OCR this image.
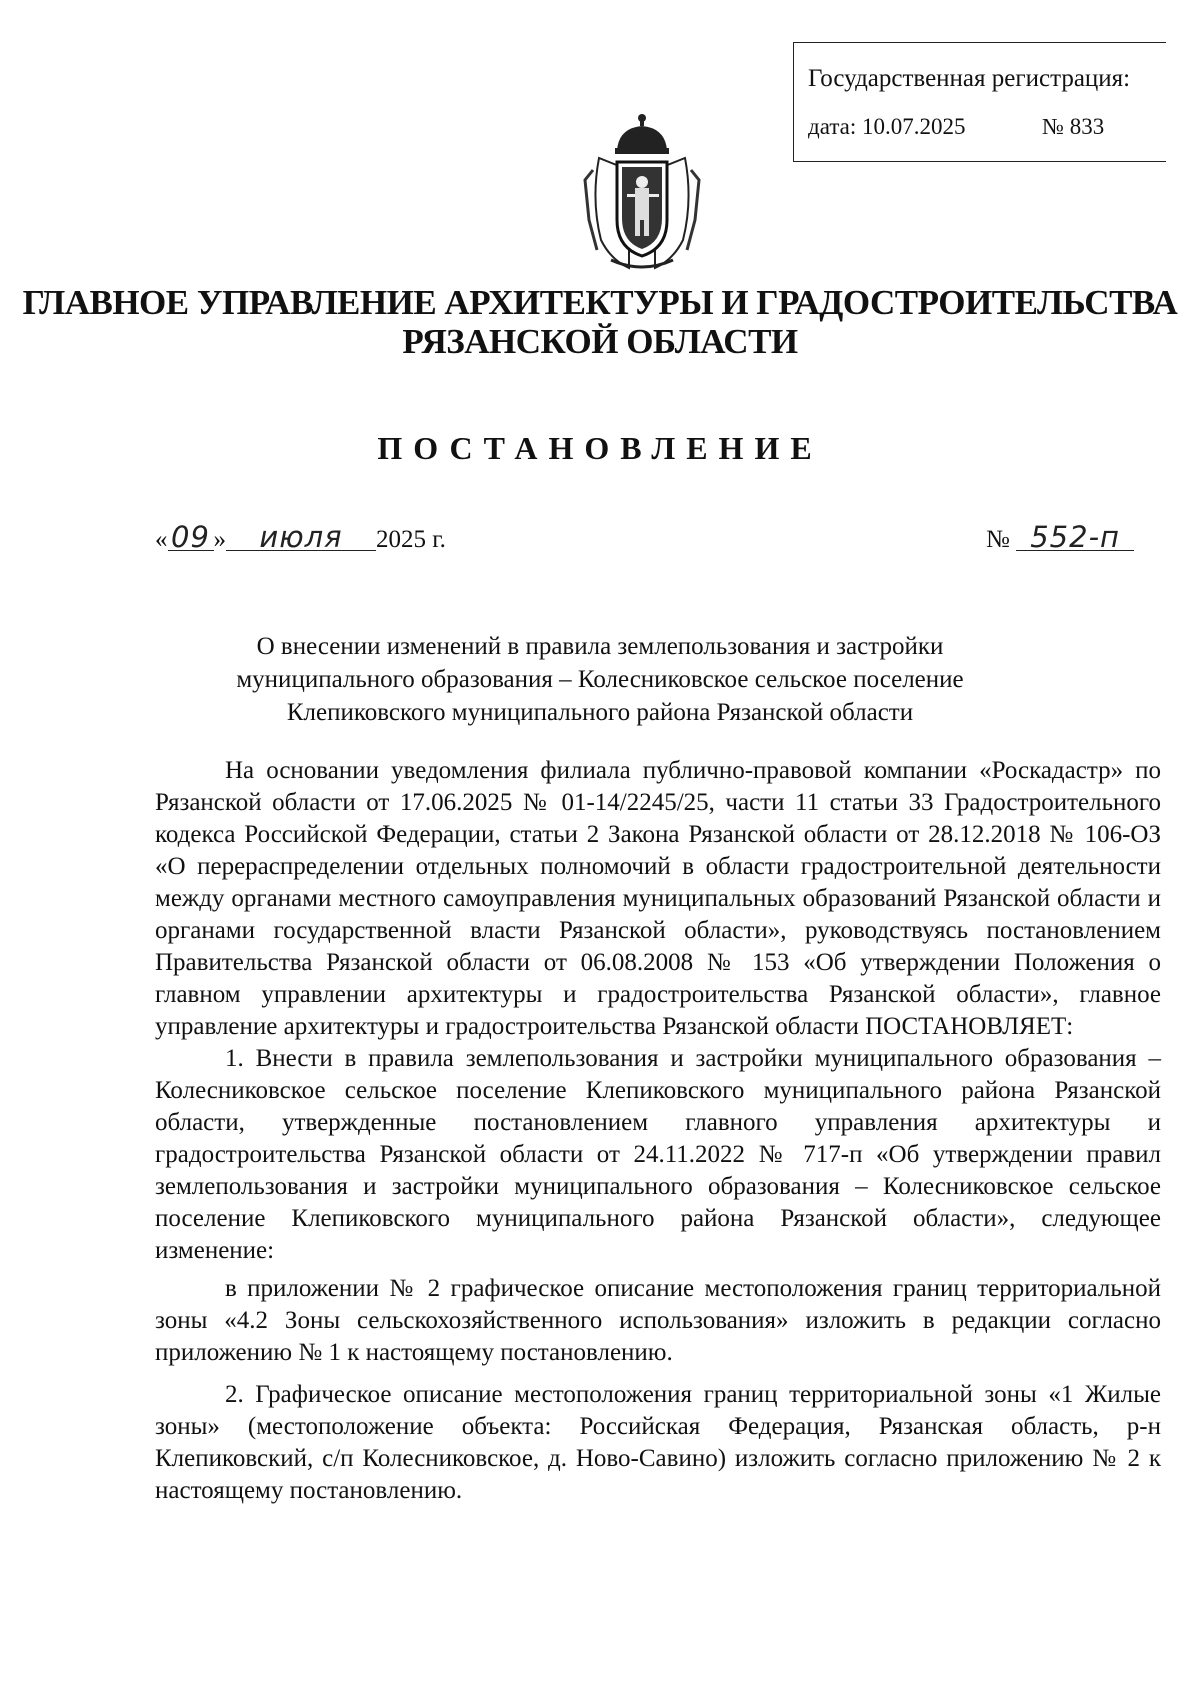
Государственная регистрация:
дата: 10.07.2025	№ 833
ГЛАВНОЕ УПРАВЛЕНИЕ АРХИТЕКТУРЫ И ГРАДОСТРОИТЕЛЬСТВА
РЯЗАНСКОЙ ОБЛАСТИ
ПОСТАНОВЛЕНИЕ
« 09 » июля 2025 г.	№ 552-п
О внесении изменений в правила землепользования и застройки
муниципального образования – Колесниковское сельское поселение
Клепиковского муниципального района Рязанской области

На основании уведомления филиала публично-правовой компании «Роскадастр» по Рязанской области от 17.06.2025 № 01-14/2245/25, части 11 статьи 33 Градостроительного кодекса Российской Федерации, статьи 2 Закона Рязанской области от 28.12.2018 № 106-ОЗ «О перераспределении отдельных полномочий в области градостроительной деятельности между органами местного самоуправления муниципальных образований Рязанской области и органами государственной власти Рязанской области», руководствуясь постановлением Правительства Рязанской области от 06.08.2008 № 153 «Об утверждении Положения о главном управлении архитектуры и градостроительства Рязанской области», главное управление архитектуры и градостроительства Рязанской области ПОСТАНОВЛЯЕТ:

1. Внести в правила землепользования и застройки муниципального образования – Колесниковское сельское поселение Клепиковского муниципального района Рязанской области, утвержденные постановлением главного управления архитектуры и градостроительства Рязанской области от 24.11.2022 № 717-п «Об утверждении правил землепользования и застройки муниципального образования – Колесниковское сельское поселение Клепиковского муниципального района Рязанской области», следующее изменение:

в приложении № 2 графическое описание местоположения границ территориальной зоны «4.2 Зоны сельскохозяйственного использования» изложить в редакции согласно приложению № 1 к настоящему постановлению.

2. Графическое описание местоположения границ территориальной зоны «1 Жилые зоны» (местоположение объекта: Российская Федерация, Рязанская область, р-н Клепиковский, с/п Колесниковское, д. Ново-Савино) изложить согласно приложению № 2 к настоящему постановлению.
